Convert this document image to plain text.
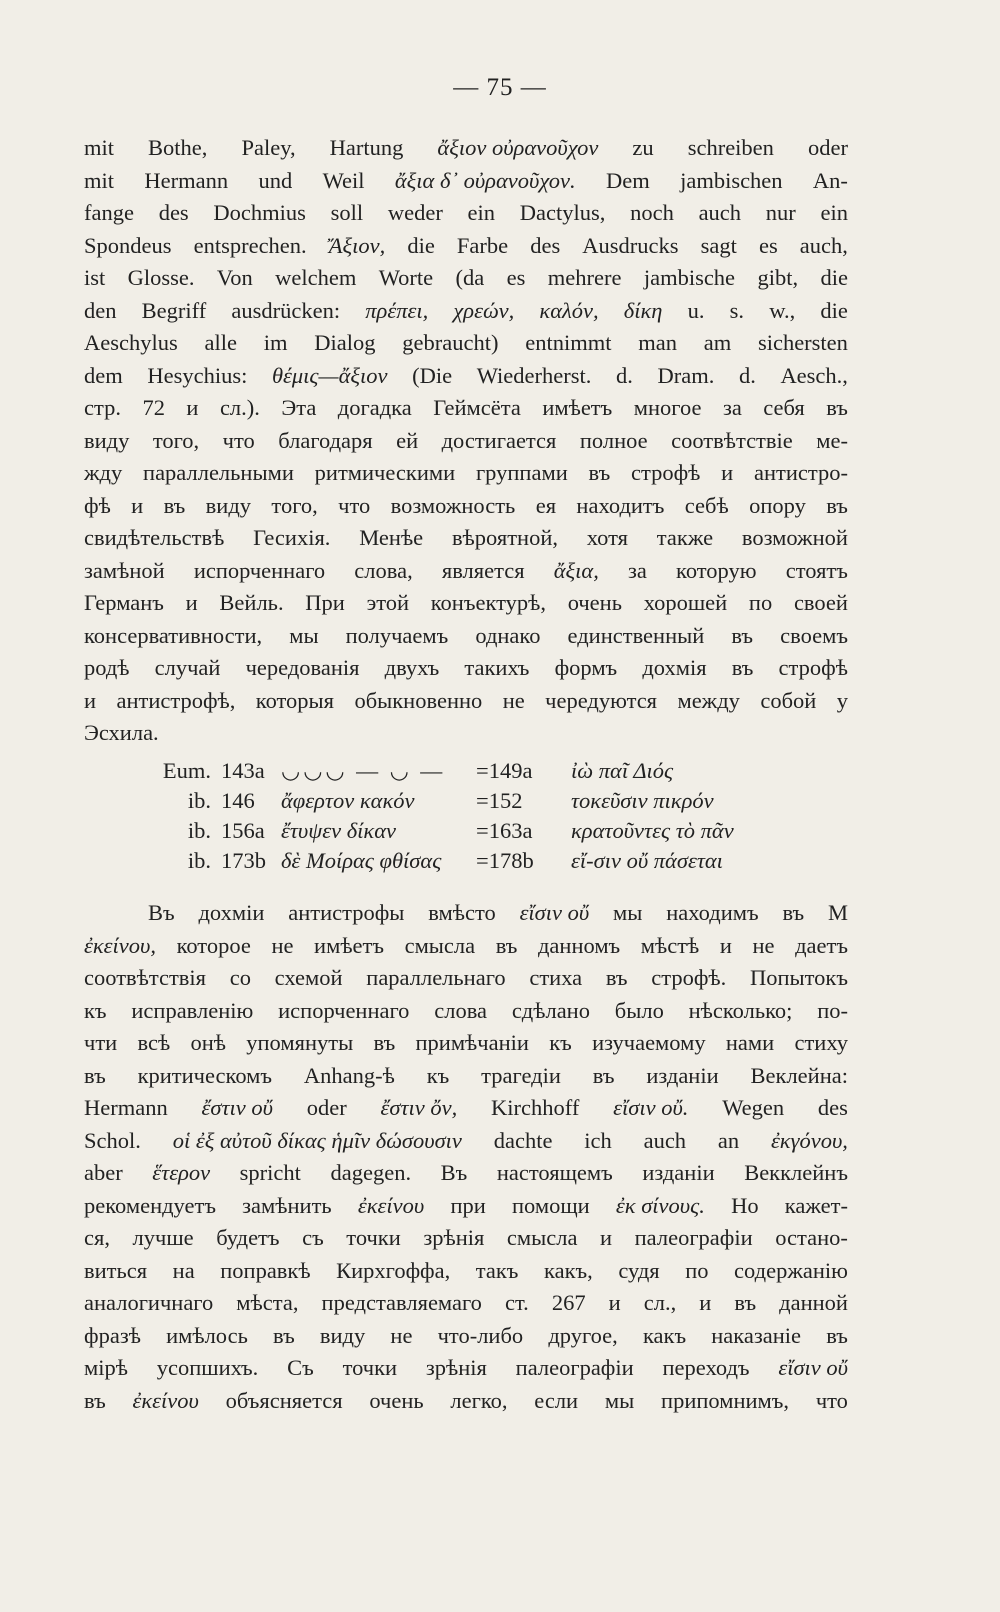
— 75 —
mit Bothe, Paley, Hartung ἄξιον οὐρανοῦχον zu schreiben oder
mit Hermann und Weil ἄξια δ᾽ οὐρανοῦχον. Dem jambischen An-
fange des Dochmius soll weder ein Dactylus, noch auch nur ein
Spondeus entsprechen. Ἄξιον, die Farbe des Ausdrucks sagt es auch,
ist Glosse. Von welchem Worte (da es mehrere jambische gibt, die
den Begriff ausdrücken: πρέπει, χρεών, καλόν, δίκη u. s. w., die
Aeschylus alle im Dialog gebraucht) entnimmt man am sichersten
dem Hesychius: θέμις—ἄξιον (Die Wiederherst. d. Dram. d. Aesch.,
стр. 72 и сл.). Эта догадка Геймсёта имѣетъ многое за себя въ
виду того, что благодаря ей достигается полное соотвѣтствіе ме-
жду параллельными ритмическими группами въ строфѣ и антистро-
фѣ и въ виду того, что возможность ея находитъ себѣ опору въ
свидѣтельствѣ Гесихія. Менѣе вѣроятной, хотя также возможной
замѣной испорченнаго слова, является ἄξια, за которую стоятъ
Германъ и Вейль. При этой конъектурѣ, очень хорошей по своей
консервативности, мы получаемъ однако единственный въ своемъ
родѣ случай чередованія двухъ такихъ формъ дохмія въ строфѣ
и антистрофѣ, которыя обыкновенно не чередуются между собой у
Эсхила.
Eum. 143a ◡◡◡ — ◡ —	=149a	ἰὼ παῖ Διός
ib. 146	ἄφερτον κακόν	=152	τοκεῦσιν πικρόν
ib. 156a ἔτυψεν δίκαν	=163a	κρατοῦντες τὸ πᾶν
ib. 173b δὲ Μοίρας φθίσας	=178b	εἴ-σιν οὔ πάσεται
Въ дохміи антистрофы вмѣсто εἴσιν οὔ мы находимъ въ M
ἐκείνου, которое не имѣетъ смысла въ данномъ мѣстѣ и не даетъ
соотвѣтствія со схемой параллельнаго стиха въ строфѣ. Попытокъ
къ исправленію испорченнаго слова сдѣлано было нѣсколько; по-
чти всѣ онѣ упомянуты въ примѣчаніи къ изучаемому нами стиху
въ критическомъ Anhang-ѣ къ трагедіи въ изданіи Веклейна:
Hermann ἔστιν οὔ oder ἔστιν ὄν, Kirchhoff εἴσιν οὔ. Wegen des
Schol. οἱ ἐξ αὐτοῦ δίκας ἡμῖν δώσουσιν dachte ich auch an ἐκγόνου,
aber ἕτερον spricht dagegen. Въ настоящемъ изданіи Векклейнъ
рекомендуетъ замѣнить ἐκείνου при помощи ἐκ σίνους. Но кажет-
ся, лучше будетъ съ точки зрѣнія смысла и палеографіи остано-
виться на поправкѣ Кирхгоффа, такъ какъ, судя по содержанію
аналогичнаго мѣста, представляемаго ст. 267 и сл., и въ данной
фразѣ имѣлось въ виду не что-либо другое, какъ наказаніе въ
мірѣ усопшихъ. Съ точки зрѣнія палеографіи переходъ εἴσιν οὔ
въ ἐκείνου объясняется очень легко, если мы припомнимъ, что
